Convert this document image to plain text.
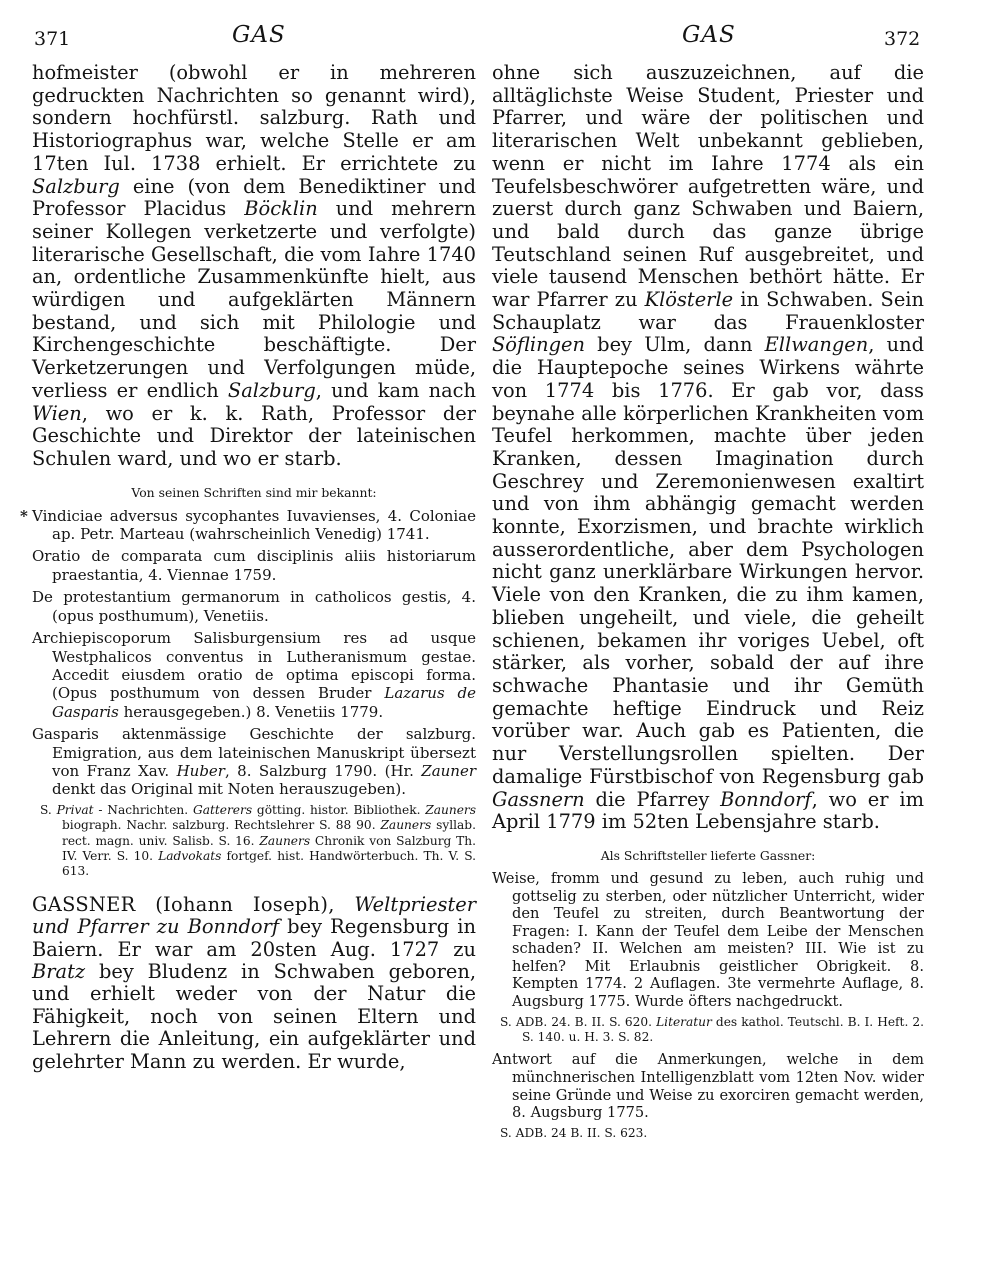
371	GAS	GAS	372

hofmeister (obwohl er in mehreren gedruckten Nachrichten so genannt wird), sondern hochfürstl. salzburg. Rath und Historiographus war, welche Stelle er am 17ten Iul. 1738 erhielt. Er errichtete zu Salzburg eine (von dem Benediktiner und Professor Placidus Böcklin und mehrern seiner Kollegen verketzerte und verfolgte) literarische Gesellschaft, die vom Iahre 1740 an, ordentliche Zusammenkünfte hielt, aus würdigen und aufgeklärten Männern bestand, und sich mit Philologie und Kirchengeschichte beschäftigte. Der Verketzerungen und Verfolgungen müde, verliess er endlich Salzburg, und kam nach Wien, wo er k. k. Rath, Professor der Geschichte und Direktor der lateinischen Schulen ward, und wo er starb.

Von seinen Schriften sind mir bekannt:

* Vindiciae adversus sycophantes Iuvavienses, 4. Coloniae ap. Petr. Marteau (wahrscheinlich Venedig) 1741.

Oratio de comparata cum disciplinis aliis historiarum praestantia, 4. Viennae 1759.

De protestantium germanorum in catholicos gestis, 4. (opus posthumum), Venetiis.

Archiepiscoporum Salisburgensium res ad usque Westphalicos conventus in Lutheranismum gestae. Accedit eiusdem oratio de optima episcopi forma. (Opus posthumum von dessen Bruder Lazarus de Gasparis herausgegeben.) 8. Venetiis 1779.

Gasparis aktenmässige Geschichte der salzburg. Emigration, aus dem lateinischen Manuskript übersezt von Franz Xav. Huber, 8. Salzburg 1790. (Hr. Zauner denkt das Original mit Noten herauszugeben).

S. Privat - Nachrichten. Gatterers götting. histor. Bibliothek. Zauners biograph. Nachr. salzburg. Rechtslehrer S. 88 90. Zauners syllab. rect. magn. univ. Salisb. S. 16. Zauners Chronik von Salzburg Th. IV. Verr. S. 10. Ladvokats fortgef. hist. Handwörterbuch. Th. V. S. 613.

GASSNER (Iohann Ioseph), Weltpriester und Pfarrer zu Bonndorf bey Regensburg in Baiern. Er war am 20sten Aug. 1727 zu Bratz bey Bludenz in Schwaben geboren, und erhielt weder von der Natur die Fähigkeit, noch von seinen Eltern und Lehrern die Anleitung, ein aufgeklärter und gelehrter Mann zu werden. Er wurde,

ohne sich auszuzeichnen, auf die alltäglichste Weise Student, Priester und Pfarrer, und wäre der politischen und literarischen Welt unbekannt geblieben, wenn er nicht im Iahre 1774 als ein Teufelsbeschwörer aufgetretten wäre, und zuerst durch ganz Schwaben und Baiern, und bald durch das ganze übrige Teutschland seinen Ruf ausgebreitet, und viele tausend Menschen bethört hätte. Er war Pfarrer zu Klösterle in Schwaben. Sein Schauplatz war das Frauenkloster Söflingen bey Ulm, dann Ellwangen, und die Hauptepoche seines Wirkens währte von 1774 bis 1776. Er gab vor, dass beynahe alle körperlichen Krankheiten vom Teufel herkommen, machte über jeden Kranken, dessen Imagination durch Geschrey und Zeremonienwesen exaltirt und von ihm abhängig gemacht werden konnte, Exorzismen, und brachte wirklich ausserordentliche, aber dem Psychologen nicht ganz unerklärbare Wirkungen hervor. Viele von den Kranken, die zu ihm kamen, blieben ungeheilt, und viele, die geheilt schienen, bekamen ihr voriges Uebel, oft stärker, als vorher, sobald der auf ihre schwache Phantasie und ihr Gemüth gemachte heftige Eindruck und Reiz vorüber war. Auch gab es Patienten, die nur Verstellungsrollen spielten. Der damalige Fürstbischof von Regensburg gab Gassnern die Pfarrey Bonndorf, wo er im April 1779 im 52ten Lebensjahre starb.

Als Schriftsteller lieferte Gassner:

Weise, fromm und gesund zu leben, auch ruhig und gottselig zu sterben, oder nützlicher Unterricht, wider den Teufel zu streiten, durch Beantwortung der Fragen: I. Kann der Teufel dem Leibe der Menschen schaden? II. Welchen am meisten? III. Wie ist zu helfen? Mit Erlaubnis geistlicher Obrigkeit. 8. Kempten 1774. 2 Auflagen. 3te vermehrte Auflage, 8. Augsburg 1775. Wurde öfters nachgedruckt.

S. ADB. 24. B. II. S. 620. Literatur des kathol. Teutschl. B. I. Heft. 2. S. 140. u. H. 3. S. 82.

Antwort auf die Anmerkungen, welche in dem münchnerischen Intelligenzblatt vom 12ten Nov. wider seine Gründe und Weise zu exorciren gemacht werden, 8. Augsburg 1775.

S. ADB. 24 B. II. S. 623.
